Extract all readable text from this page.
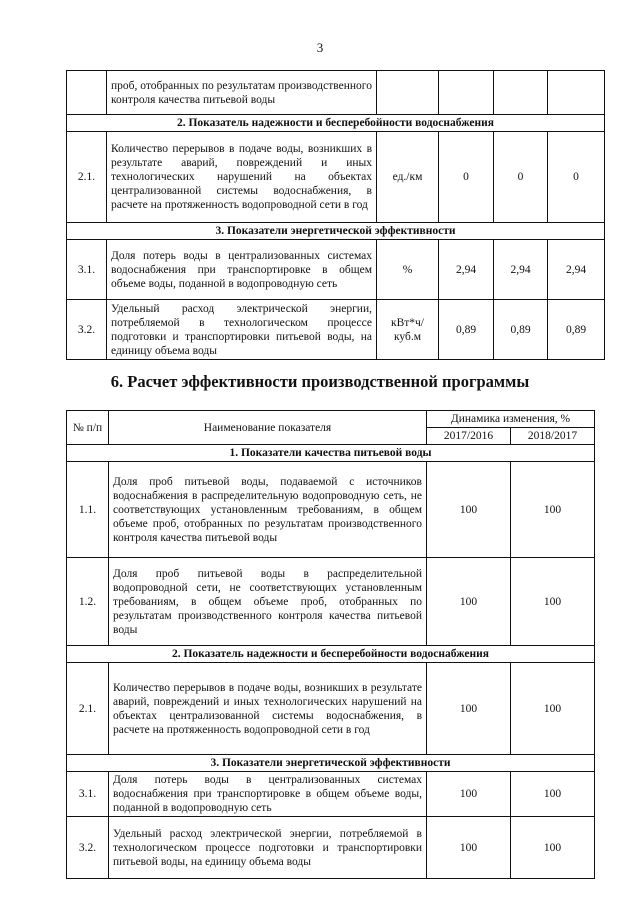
3
	проб, отобранных по результатам производственного контроля качества питьевой воды				
2. Показатель надежности и бесперебойности водоснабжения					
2.1.	Количество перерывов в подаче воды, возникших в результате аварий, повреждений и иных технологических нарушений на объектах централизованной системы водоснабжения, в расчете на протяженность водопроводной сети в год	ед./км	0	0	0
3. Показатели энергетической эффективности					
3.1.	Доля потерь воды в централизованных системах водоснабжения при транспортировке в общем объеме воды, поданной в водопроводную сеть	%	2,94	2,94	2,94
3.2.	Удельный расход электрической энергии, потребляемой в технологическом процессе подготовки и транспортировки питьевой воды, на единицу объема воды	кВт*ч/ куб.м	0,89	0,89	0,89
6. Расчет эффективности производственной программы
№ п/п	Наименование показателя	Динамика изменения, %	
		2017/2016	2018/2017
1. Показатели качества питьевой воды			
1.1.	Доля проб питьевой воды, подаваемой с источников водоснабжения в распределительную водопроводную сеть, не соответствующих установленным требованиям, в общем объеме проб, отобранных по результатам производственного контроля качества питьевой воды	100	100
1.2.	Доля проб питьевой воды в распределительной водопроводной сети, не соответствующих установленным требованиям, в общем объеме проб, отобранных по результатам производственного контроля качества питьевой воды	100	100
2. Показатель надежности и бесперебойности водоснабжения			
2.1.	Количество перерывов в подаче воды, возникших в результате аварий, повреждений и иных технологических нарушений на объектах централизованной системы водоснабжения, в расчете на протяженность водопроводной сети в год	100	100
3. Показатели энергетической эффективности			
3.1.	Доля потерь воды в централизованных системах водоснабжения при транспортировке в общем объеме воды, поданной в водопроводную сеть	100	100
3.2.	Удельный расход электрической энергии, потребляемой в технологическом процессе подготовки и транспортировки питьевой воды, на единицу объема воды	100	100
